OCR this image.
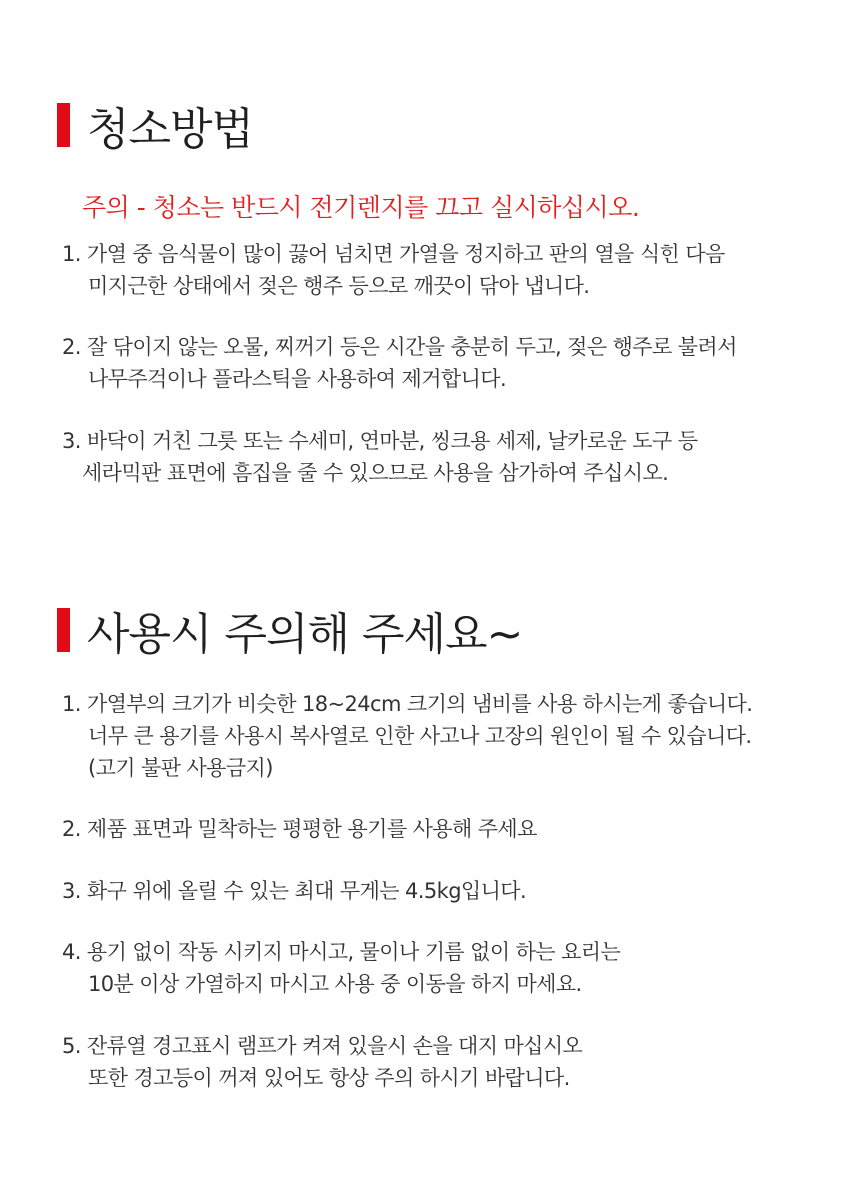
청소방법
주의 - 청소는 반드시 전기렌지를 끄고 실시하십시오.
1. 가열 중 음식물이 많이 끓어 넘치면 가열을 정지하고 판의 열을 식힌 다음
미지근한 상태에서 젖은 행주 등으로 깨끗이 닦아 냅니다.
2. 잘 닦이지 않는 오물, 찌꺼기 등은 시간을 충분히 두고, 젖은 행주로 불려서
나무주걱이나 플라스틱을 사용하여 제거합니다.
3. 바닥이 거친 그릇 또는 수세미, 연마분, 씽크용 세제, 날카로운 도구 등
세라믹판 표면에 흠집을 줄 수 있으므로 사용을 삼가하여 주십시오.
사용시 주의해 주세요~
1. 가열부의 크기가 비슷한 18~24cm 크기의 냄비를 사용 하시는게 좋습니다.
너무 큰 용기를 사용시 복사열로 인한 사고나 고장의 원인이 될 수 있습니다.
(고기 불판 사용금지)
2. 제품 표면과 밀착하는 평평한 용기를 사용해 주세요
3. 화구 위에 올릴 수 있는 최대 무게는 4.5kg입니다.
4. 용기 없이 작동 시키지 마시고, 물이나 기름 없이 하는 요리는
10분 이상 가열하지 마시고 사용 중 이동을 하지 마세요.
5. 잔류열 경고표시 램프가 켜져 있을시 손을 대지 마십시오
또한 경고등이 꺼져 있어도 항상 주의 하시기 바랍니다.
